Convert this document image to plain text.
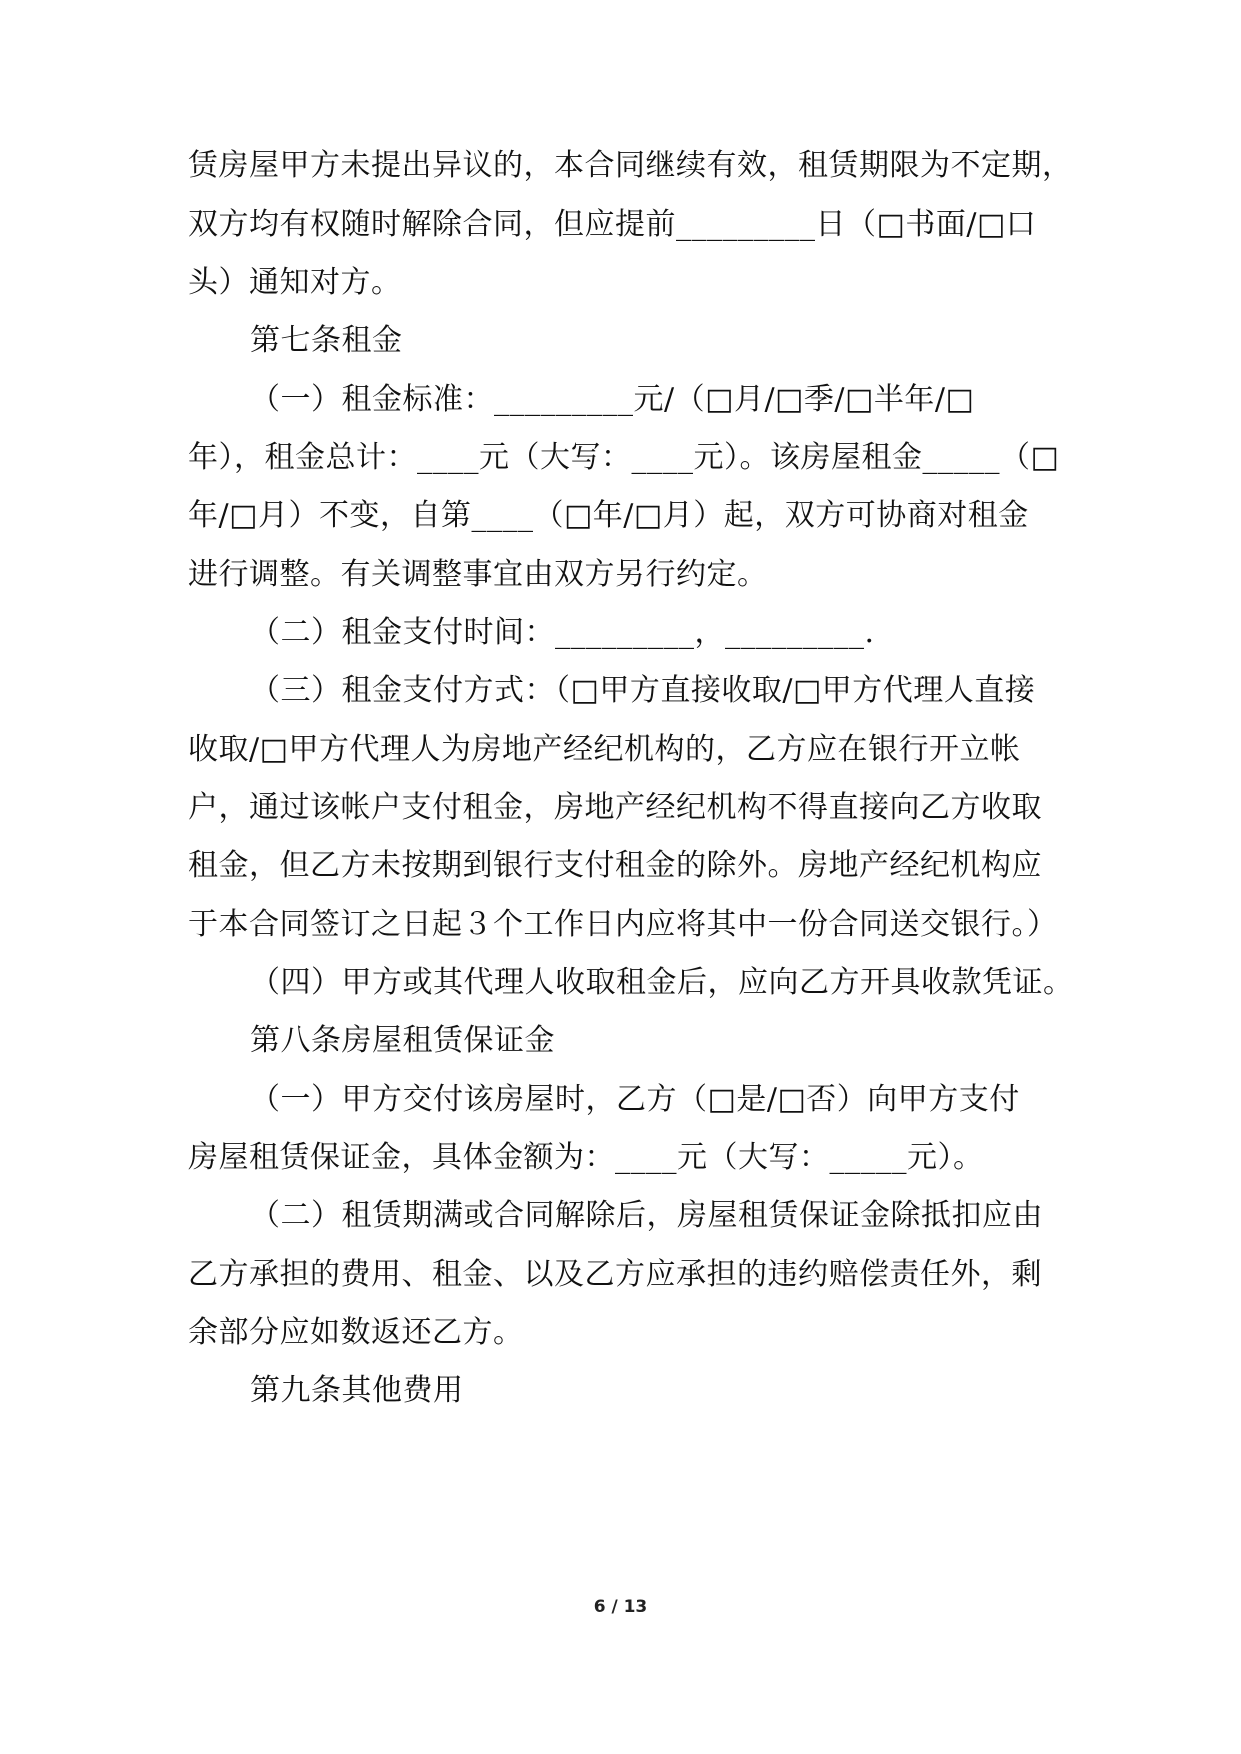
赁房屋甲方未提出异议的，本合同继续有效，租赁期限为不定期，

双方均有权随时解除合同，但应提前_________日（□书面/□口

头）通知对方。

第七条租金

（一）租金标准：_________元/（□月/□季/□半年/□

年），租金总计：____元（大写：____元）。该房屋租金_____（□

年/□月）不变，自第____（□年/□月）起，双方可协商对租金

进行调整。有关调整事宜由双方另行约定。

（二）租金支付时间：_________，_________.

（三）租金支付方式：（□甲方直接收取/□甲方代理人直接

收取/□甲方代理人为房地产经纪机构的，乙方应在银行开立帐

户，通过该帐户支付租金，房地产经纪机构不得直接向乙方收取

租金，但乙方未按期到银行支付租金的除外。房地产经纪机构应

于本合同签订之日起３个工作日内应将其中一份合同送交银行。）

（四）甲方或其代理人收取租金后，应向乙方开具收款凭证。

第八条房屋租赁保证金

（一）甲方交付该房屋时，乙方（□是/□否）向甲方支付

房屋租赁保证金，具体金额为：____元（大写：_____元）。

（二）租赁期满或合同解除后，房屋租赁保证金除抵扣应由

乙方承担的费用、租金、以及乙方应承担的违约赔偿责任外，剩

余部分应如数返还乙方。

第九条其他费用

6 / 13
